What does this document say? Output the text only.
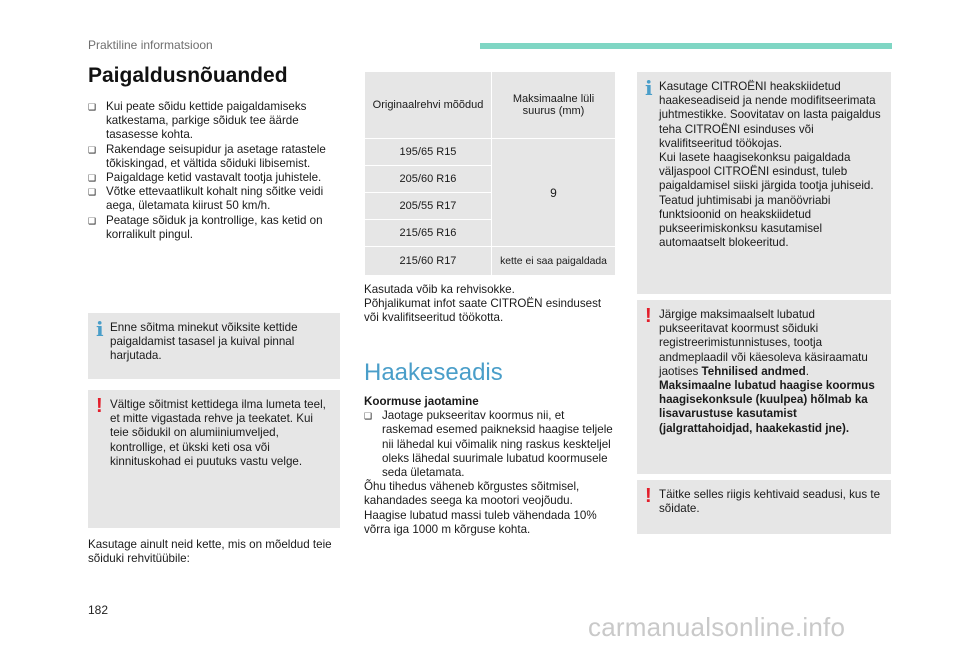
Praktiline informatsioon
Paigaldusnõuanded
❑ Kui peate sõidu kettide paigaldamiseks katkestama, parkige sõiduk tee äärde tasasesse kohta.
❑ Rakendage seisupidur ja asetage ratastele tõkiskingad, et vältida sõiduki libisemist.
❑ Paigaldage ketid vastavalt tootja juhistele.
❑ Võtke ettevaatlikult kohalt ning sõitke veidi aega, ületamata kiirust 50 km/h.
❑ Peatage sõiduk ja kontrollige, kas ketid on korralikult pingul.
i Enne sõitma minekut võiksite kettide paigaldamist tasasel ja kuival pinnal harjutada.
! Vältige sõitmist kettidega ilma lumeta teel, et mitte vigastada rehve ja teekatet. Kui teie sõidukil on alumiiniumveljed, kontrollige, et ükski keti osa või kinnituskohad ei puutuks vastu velge.
Kasutage ainult neid kette, mis on mõeldud teie sõiduki rehvitüübile:
Originaalrehvi mõõdud	Maksimaalne lüli suurus (mm)
195/65 R15	9
205/60 R16	
205/55 R17	
215/65 R16	
215/60 R17	kette ei saa paigaldada
Kasutada võib ka rehvisokke.
Põhjalikumat infot saate CITROËN esindusest või kvalifitseeritud töökotta.
Haakeseadis
Koormuse jaotamine
❑ Jaotage pukseeritav koormus nii, et raskemad esemed paikneksid haagise teljele nii lähedal kui võimalik ning raskus keskteljel oleks lähedal suurimale lubatud koormusele seda ületamata.
Õhu tihedus väheneb kõrgustes sõitmisel, kahandades seega ka mootori veojõudu. Haagise lubatud massi tuleb vähendada 10% võrra iga 1000 m kõrguse kohta.
i Kasutage CITROËNI heakskiidetud haakeseadiseid ja nende modifitseerimata juhtmestikke. Soovitatav on lasta paigaldus teha CITROËNI esinduses või kvalifitseeritud töökojas.
Kui lasete haagisekonksu paigaldada väljaspool CITROËNI esindust, tuleb paigaldamisel siiski järgida tootja juhiseid.
Teatud juhtimisabi ja manöövriabi funktsioonid on heakskiidetud pukseerimiskonksu kasutamisel automaatselt blokeeritud.
! Järgige maksimaalselt lubatud pukseeritavat koormust sõiduki registreerimistunnistuses, tootja andmeplaadil või käesoleva käsiraamatu jaotises Tehnilised andmed.
Maksimaalne lubatud haagise koormus haagisekonksule (kuulpea) hõlmab ka lisavarustuse kasutamist (jalgrattahoidjad, haakekastid jne).
! Täitke selles riigis kehtivaid seadusi, kus te sõidate.
182
carmanualsonline.info
